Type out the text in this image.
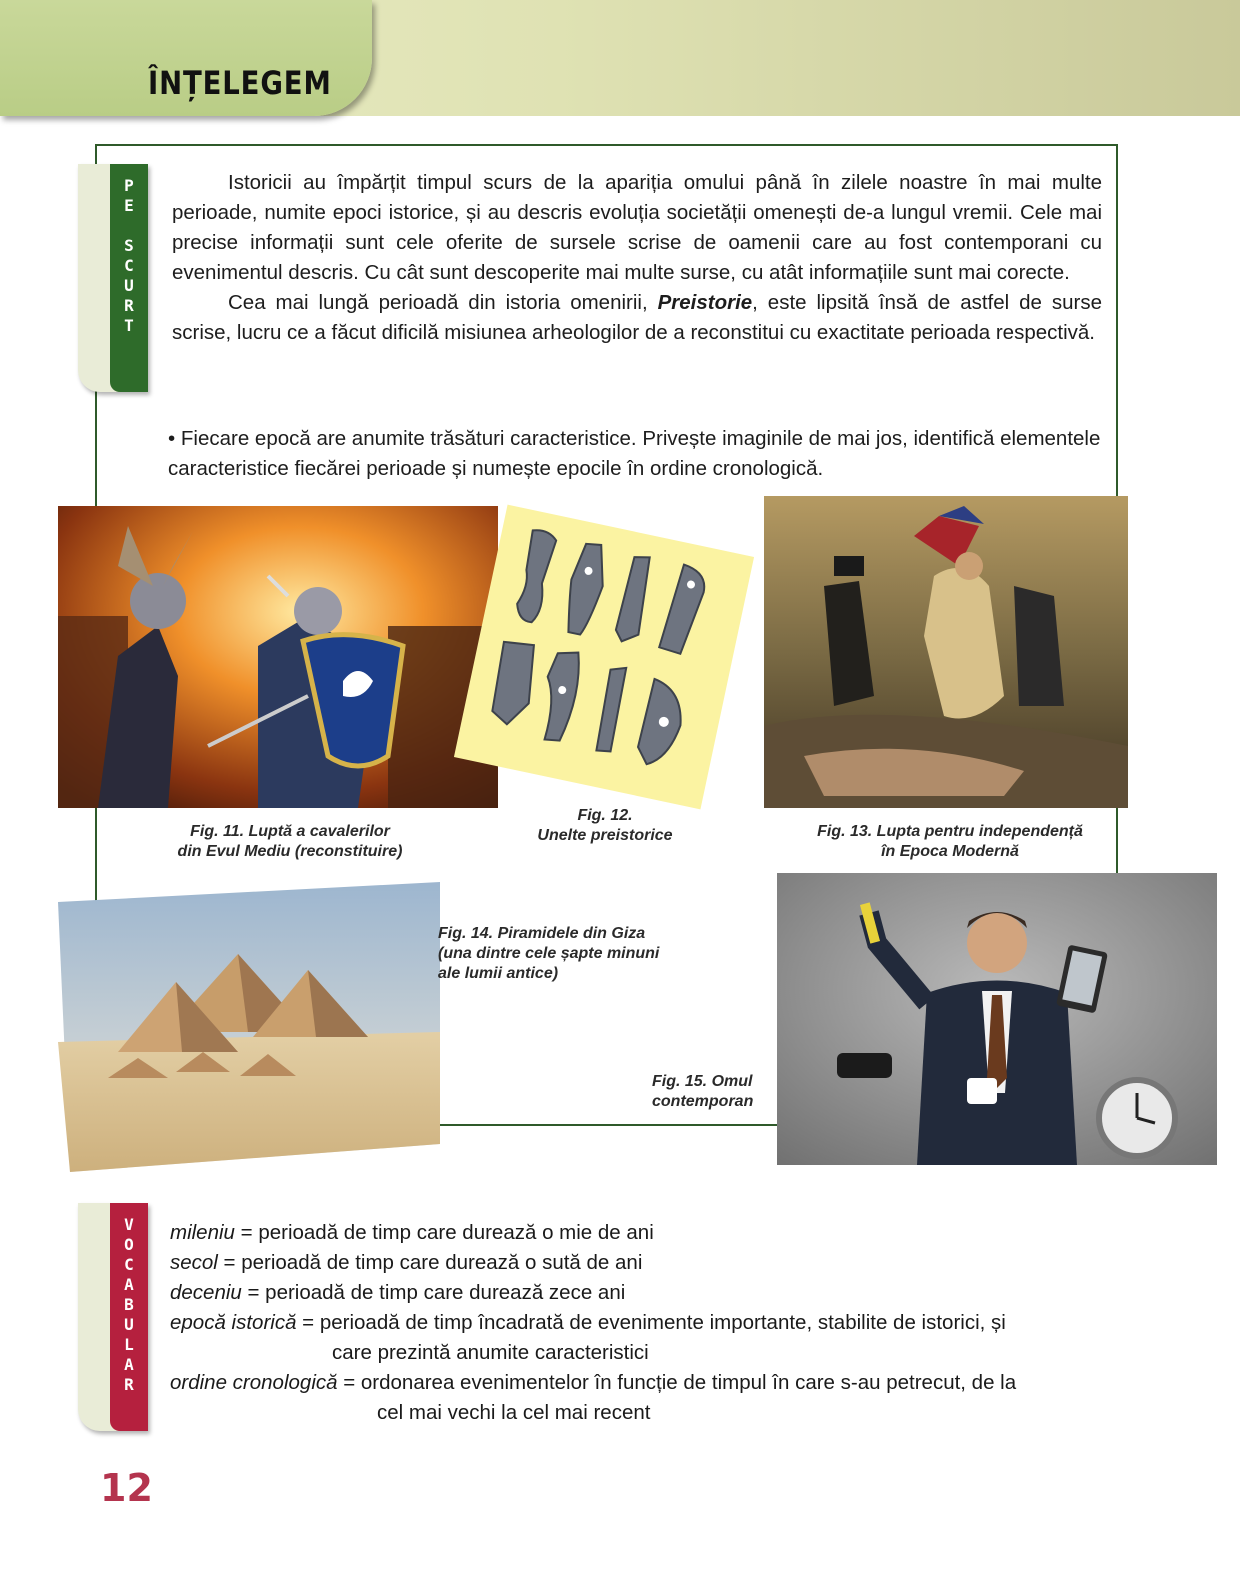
ÎNȚELEGEM
P
E

S
C
U
R
T

Istoricii au împărțit timpul scurs de la apariția omului până în zilele noastre în mai multe perioade, numite epoci istorice, și au descris evoluția societății omenești de-a lungul vremii. Cele mai precise informații sunt cele oferite de sursele scrise de oamenii care au fost contemporani cu evenimentul descris. Cu cât sunt descoperite mai multe surse, cu atât informațiile sunt mai corecte.

Cea mai lungă perioadă din istoria omenirii, Preistorie, este lipsită însă de astfel de surse scrise, lucru ce a făcut dificilă misiunea arheologilor de a reconstitui cu exactitate perioada respectivă.

• Fiecare epocă are anumite trăsături caracteristice. Privește imaginile de mai jos, identifică elementele caracteristice fiecărei perioade și numește epocile în ordine cronologică.
Fig. 11. Luptă a cavalerilor
din Evul Mediu (reconstituire)
Fig. 12.
Unelte preistorice	Fig. 13. Lupta pentru independență
în Epoca Modernă
Fig. 14. Piramidele din Giza
(una dintre cele șapte minuni
ale lumii antice)
Fig. 15. Omul
contemporan
V
O
C
A
B
U
L
A
R

mileniu = perioadă de timp care durează o mie de ani

secol = perioadă de timp care durează o sută de ani

deceniu = perioadă de timp care durează zece ani

epocă istorică = perioadă de timp încadrată de evenimente importante, stabilite de istorici, și

care prezintă anumite caracteristici

ordine cronologică = ordonarea evenimentelor în funcție de timpul în care s-au petrecut, de la

cel mai vechi la cel mai recent

12
